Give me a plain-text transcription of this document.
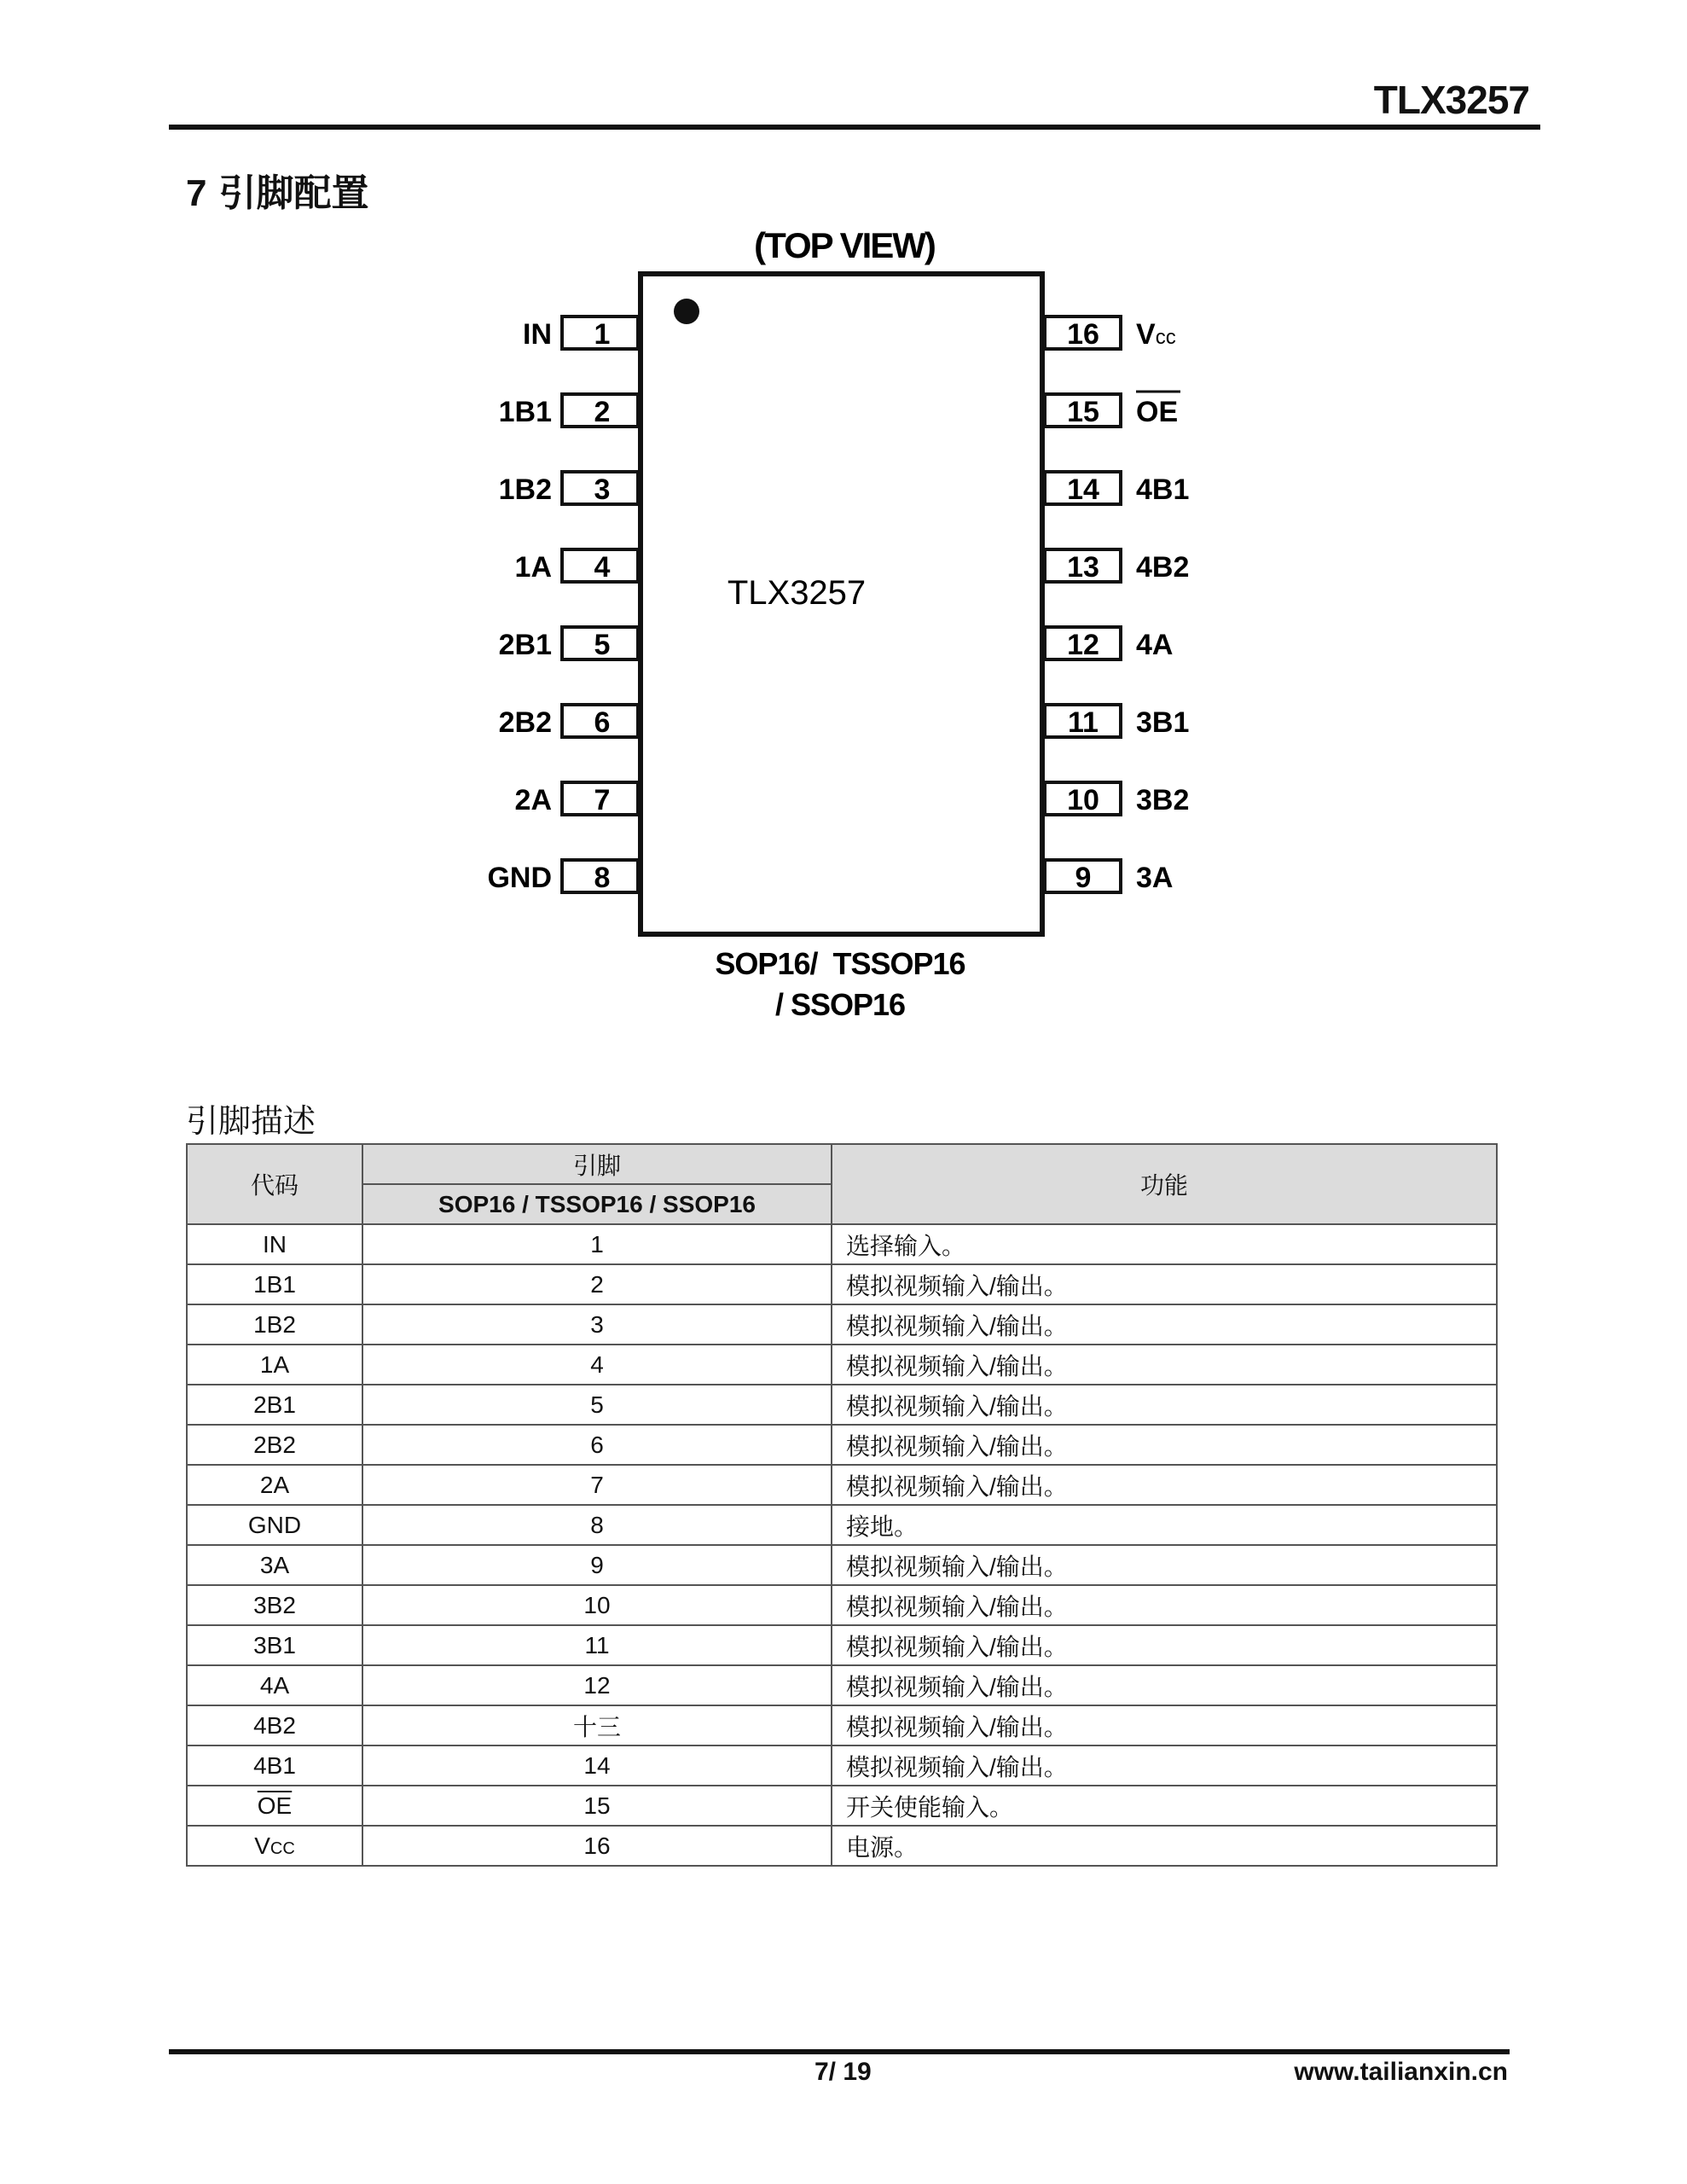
TLX3257
7 引脚配置
(TOP VIEW)
TLX3257
1
IN
2
1B1
3
1B2
4
1A
5
2B1
6
2B2
7
2A
8
GND
16 Vcc
15 OE
14 4B1
13 4B2
12 4A
11 3B1
10 3B2
9 3A
SOP16/  TSSOP16
/ SSOP16
引脚描述
代码	引脚	功能
	SOP16 / TSSOP16 / SSOP16	
IN	1	选择输入。
1B1	2	模拟视频输入/输出。
1B2	3	模拟视频输入/输出。
1A	4	模拟视频输入/输出。
2B1	5	模拟视频输入/输出。
2B2	6	模拟视频输入/输出。
2A	7	模拟视频输入/输出。
GND	8	接地。
3A	9	模拟视频输入/输出。
3B2	10	模拟视频输入/输出。
3B1	11	模拟视频输入/输出。
4A	12	模拟视频输入/输出。
4B2	十三	模拟视频输入/输出。
4B1	14	模拟视频输入/输出。
$\overline{OE}$	15	开关使能输入。
VCC	16	电源。
7/ 19	www.tailianxin.cn
